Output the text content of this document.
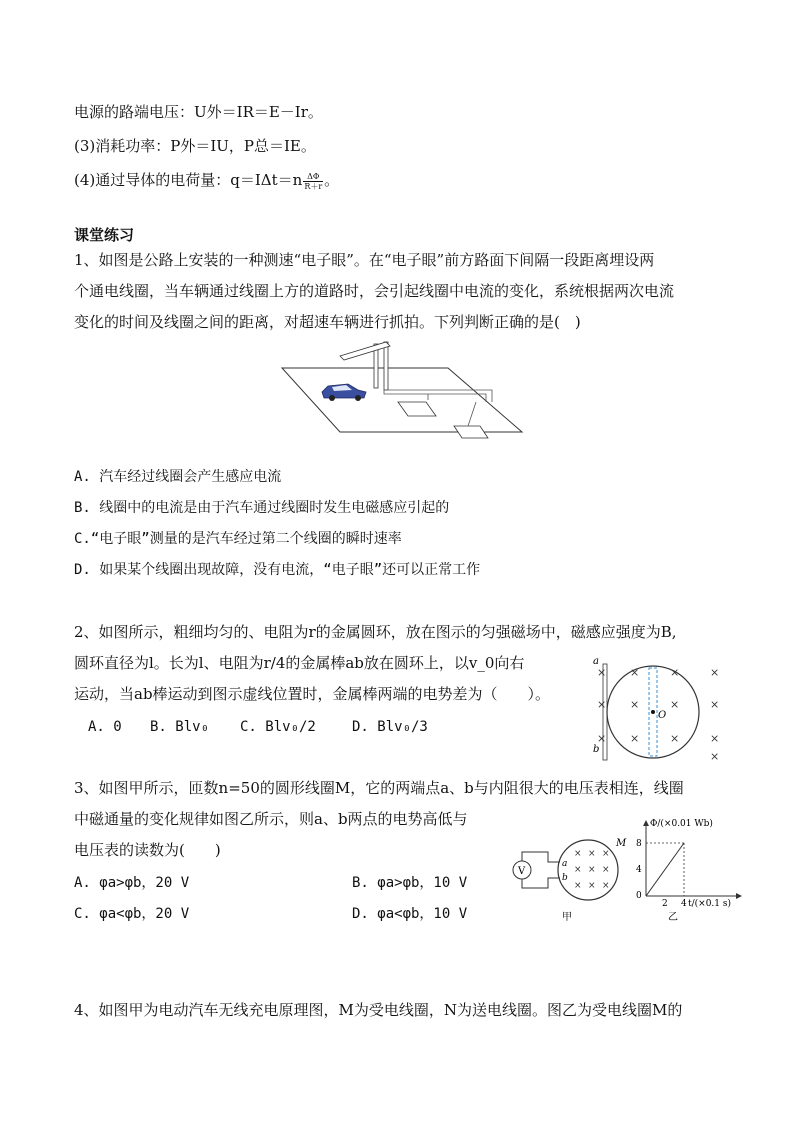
电源的路端电压：U外＝IR＝E－Ir。
(3)消耗功率：P外＝IU，P总＝IE。
(4)通过导体的电荷量：$q=I\Delta t=n \frac{\Delta\Phi}{R+r}$ 。
课堂练习
1、如图是公路上安装的一种测速“电子眼”。在“电子眼”前方路面下间隔一段距离埋设两
个通电线圈，当车辆通过线圈上方的道路时，会引起线圈中电流的变化，系统根据两次电流
变化的时间及线圈之间的距离，对超速车辆进行抓拍。下列判断正确的是(　)
A. 汽车经过线圈会产生感应电流
B. 线圈中的电流是由于汽车通过线圈时发生电磁感应引起的
C.“电子眼”测量的是汽车经过第二个线圈的瞬时速率
D. 如果某个线圈出现故障，没有电流，“电子眼”还可以正常工作
2、如图所示，粗细均匀的、电阻为r的金属圆环，放在图示的匀强磁场中，磁感应强度为B,
圆环直径为l。长为l、电阻为r/4的金属棒ab放在圆环上，以v_0向右
运动，当ab棒运动到图示虚线位置时，金属棒两端的电势差为（　　）。
A. 0 B. Blv₀ C. Blv₀/2	D. Blv₀/3
a
b
O
×
×
×
×	×	×
×	×	×
×	×	×
×
3、如图甲所示，匝数n=50的圆形线圈M，它的两端点a、b与内阻很大的电压表相连，线圈
中磁通量的变化规律如图乙所示，则a、b两点的电势高低与
电压表的读数为(　　)
A. φa>φb，20 V	B. φa>φb，10 V
C. φa<φb，20 V	D. φa<φb，10 V
V
M
a
b
× × ×
× × ×
× × ×
甲
Φ/(×0.01 Wb)
t/(×0.1 s)
8
4
0
2 4
乙
4、如图甲为电动汽车无线充电原理图，M为受电线圈，N为送电线圈。图乙为受电线圈M的
